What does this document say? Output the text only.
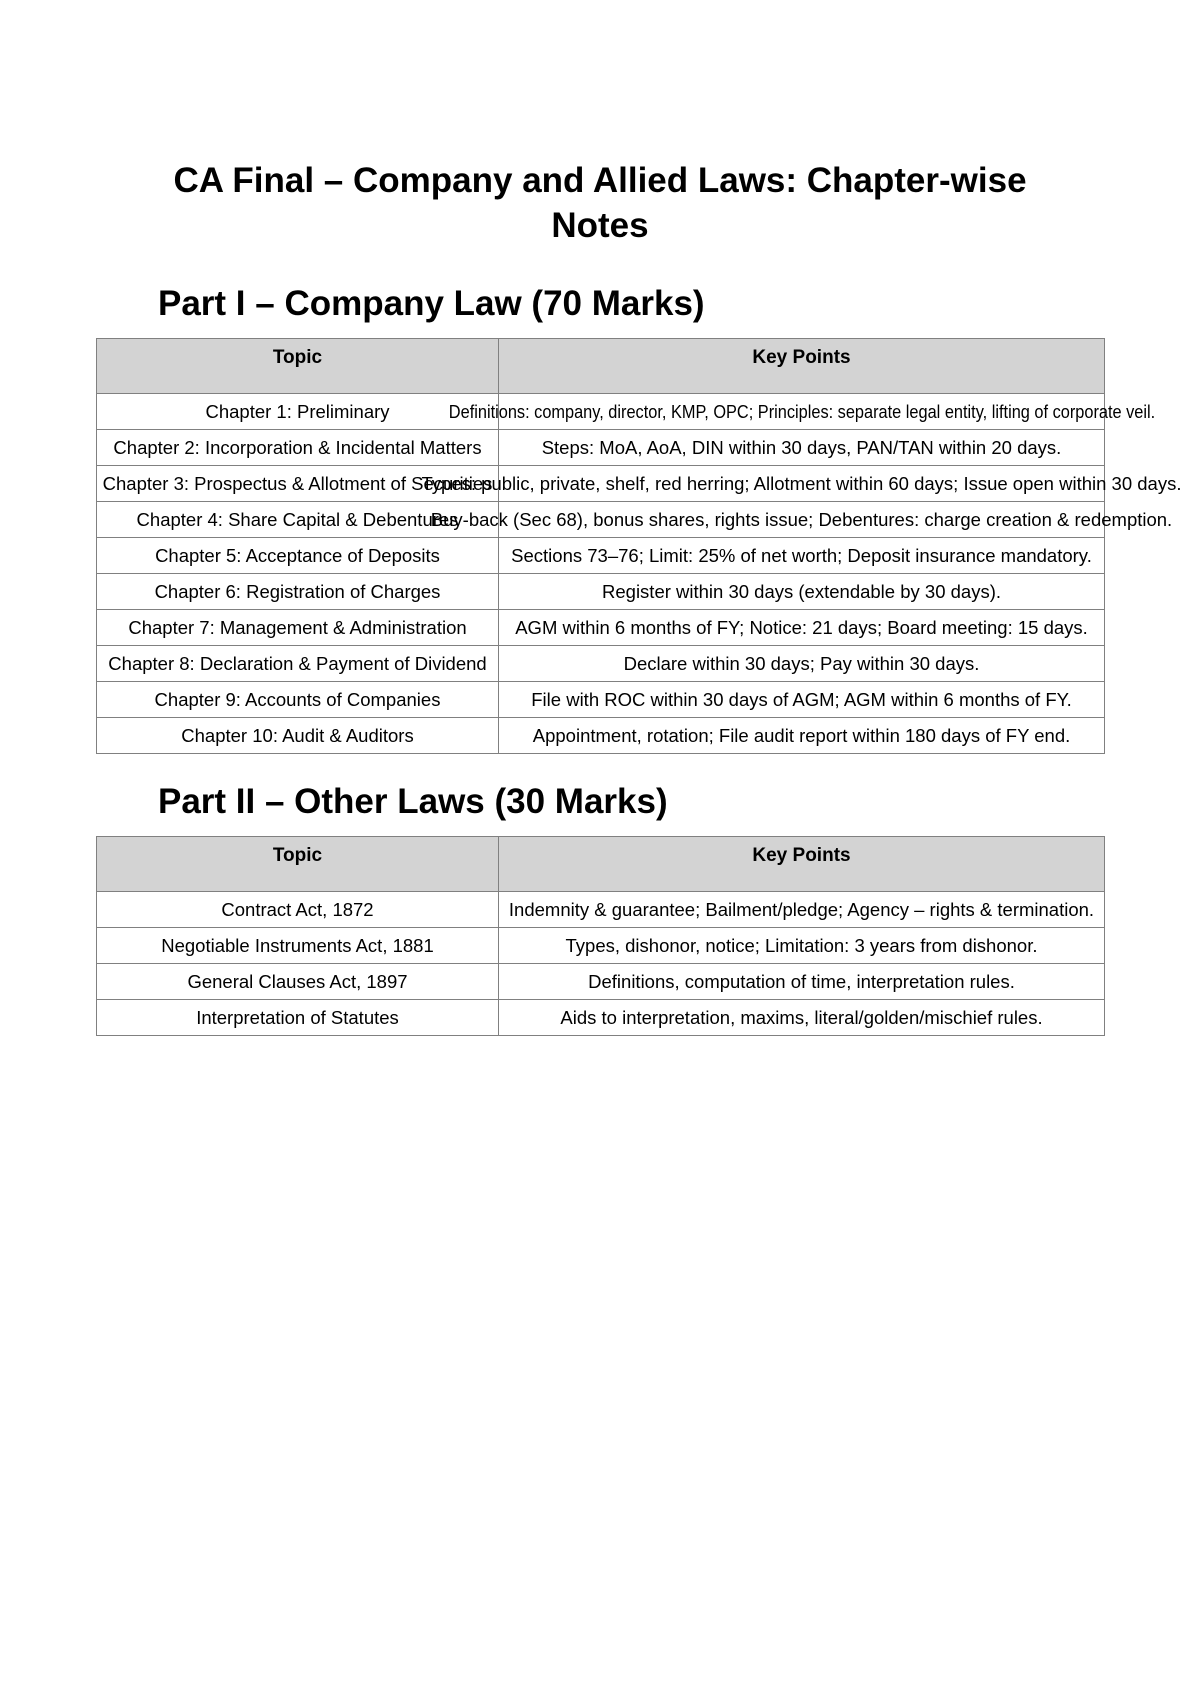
CA Final – Company and Allied Laws: Chapter-wise Notes
Part I – Company Law (70 Marks)
Topic	Key Points

Chapter 1: Preliminary	Definitions: company, director, KMP, OPC; Principles: separate legal entity, lifting of corporate veil.

Chapter 2: Incorporation & Incidental Matters	Steps: MoA, AoA, DIN within 30 days, PAN/TAN within 20 days.

Chapter 3: Prospectus & Allotment of Securities	Types: public, private, shelf, red herring; Allotment within 60 days; Issue open within 30 days.

Chapter 4: Share Capital & Debentures	Buy-back (Sec 68), bonus shares, rights issue; Debentures: charge creation & redemption.

Chapter 5: Acceptance of Deposits	Sections 73–76; Limit: 25% of net worth; Deposit insurance mandatory.

Chapter 6: Registration of Charges	Register within 30 days (extendable by 30 days).

Chapter 7: Management & Administration	AGM within 6 months of FY; Notice: 21 days; Board meeting: 15 days.

Chapter 8: Declaration & Payment of Dividend	Declare within 30 days; Pay within 30 days.

Chapter 9: Accounts of Companies	File with ROC within 30 days of AGM; AGM within 6 months of FY.

Chapter 10: Audit & Auditors	Appointment, rotation; File audit report within 180 days of FY end.
Part II – Other Laws (30 Marks)
Topic	Key Points

Contract Act, 1872	Indemnity & guarantee; Bailment/pledge; Agency – rights & termination.

Negotiable Instruments Act, 1881	Types, dishonor, notice; Limitation: 3 years from dishonor.

General Clauses Act, 1897	Definitions, computation of time, interpretation rules.

Interpretation of Statutes	Aids to interpretation, maxims, literal/golden/mischief rules.
